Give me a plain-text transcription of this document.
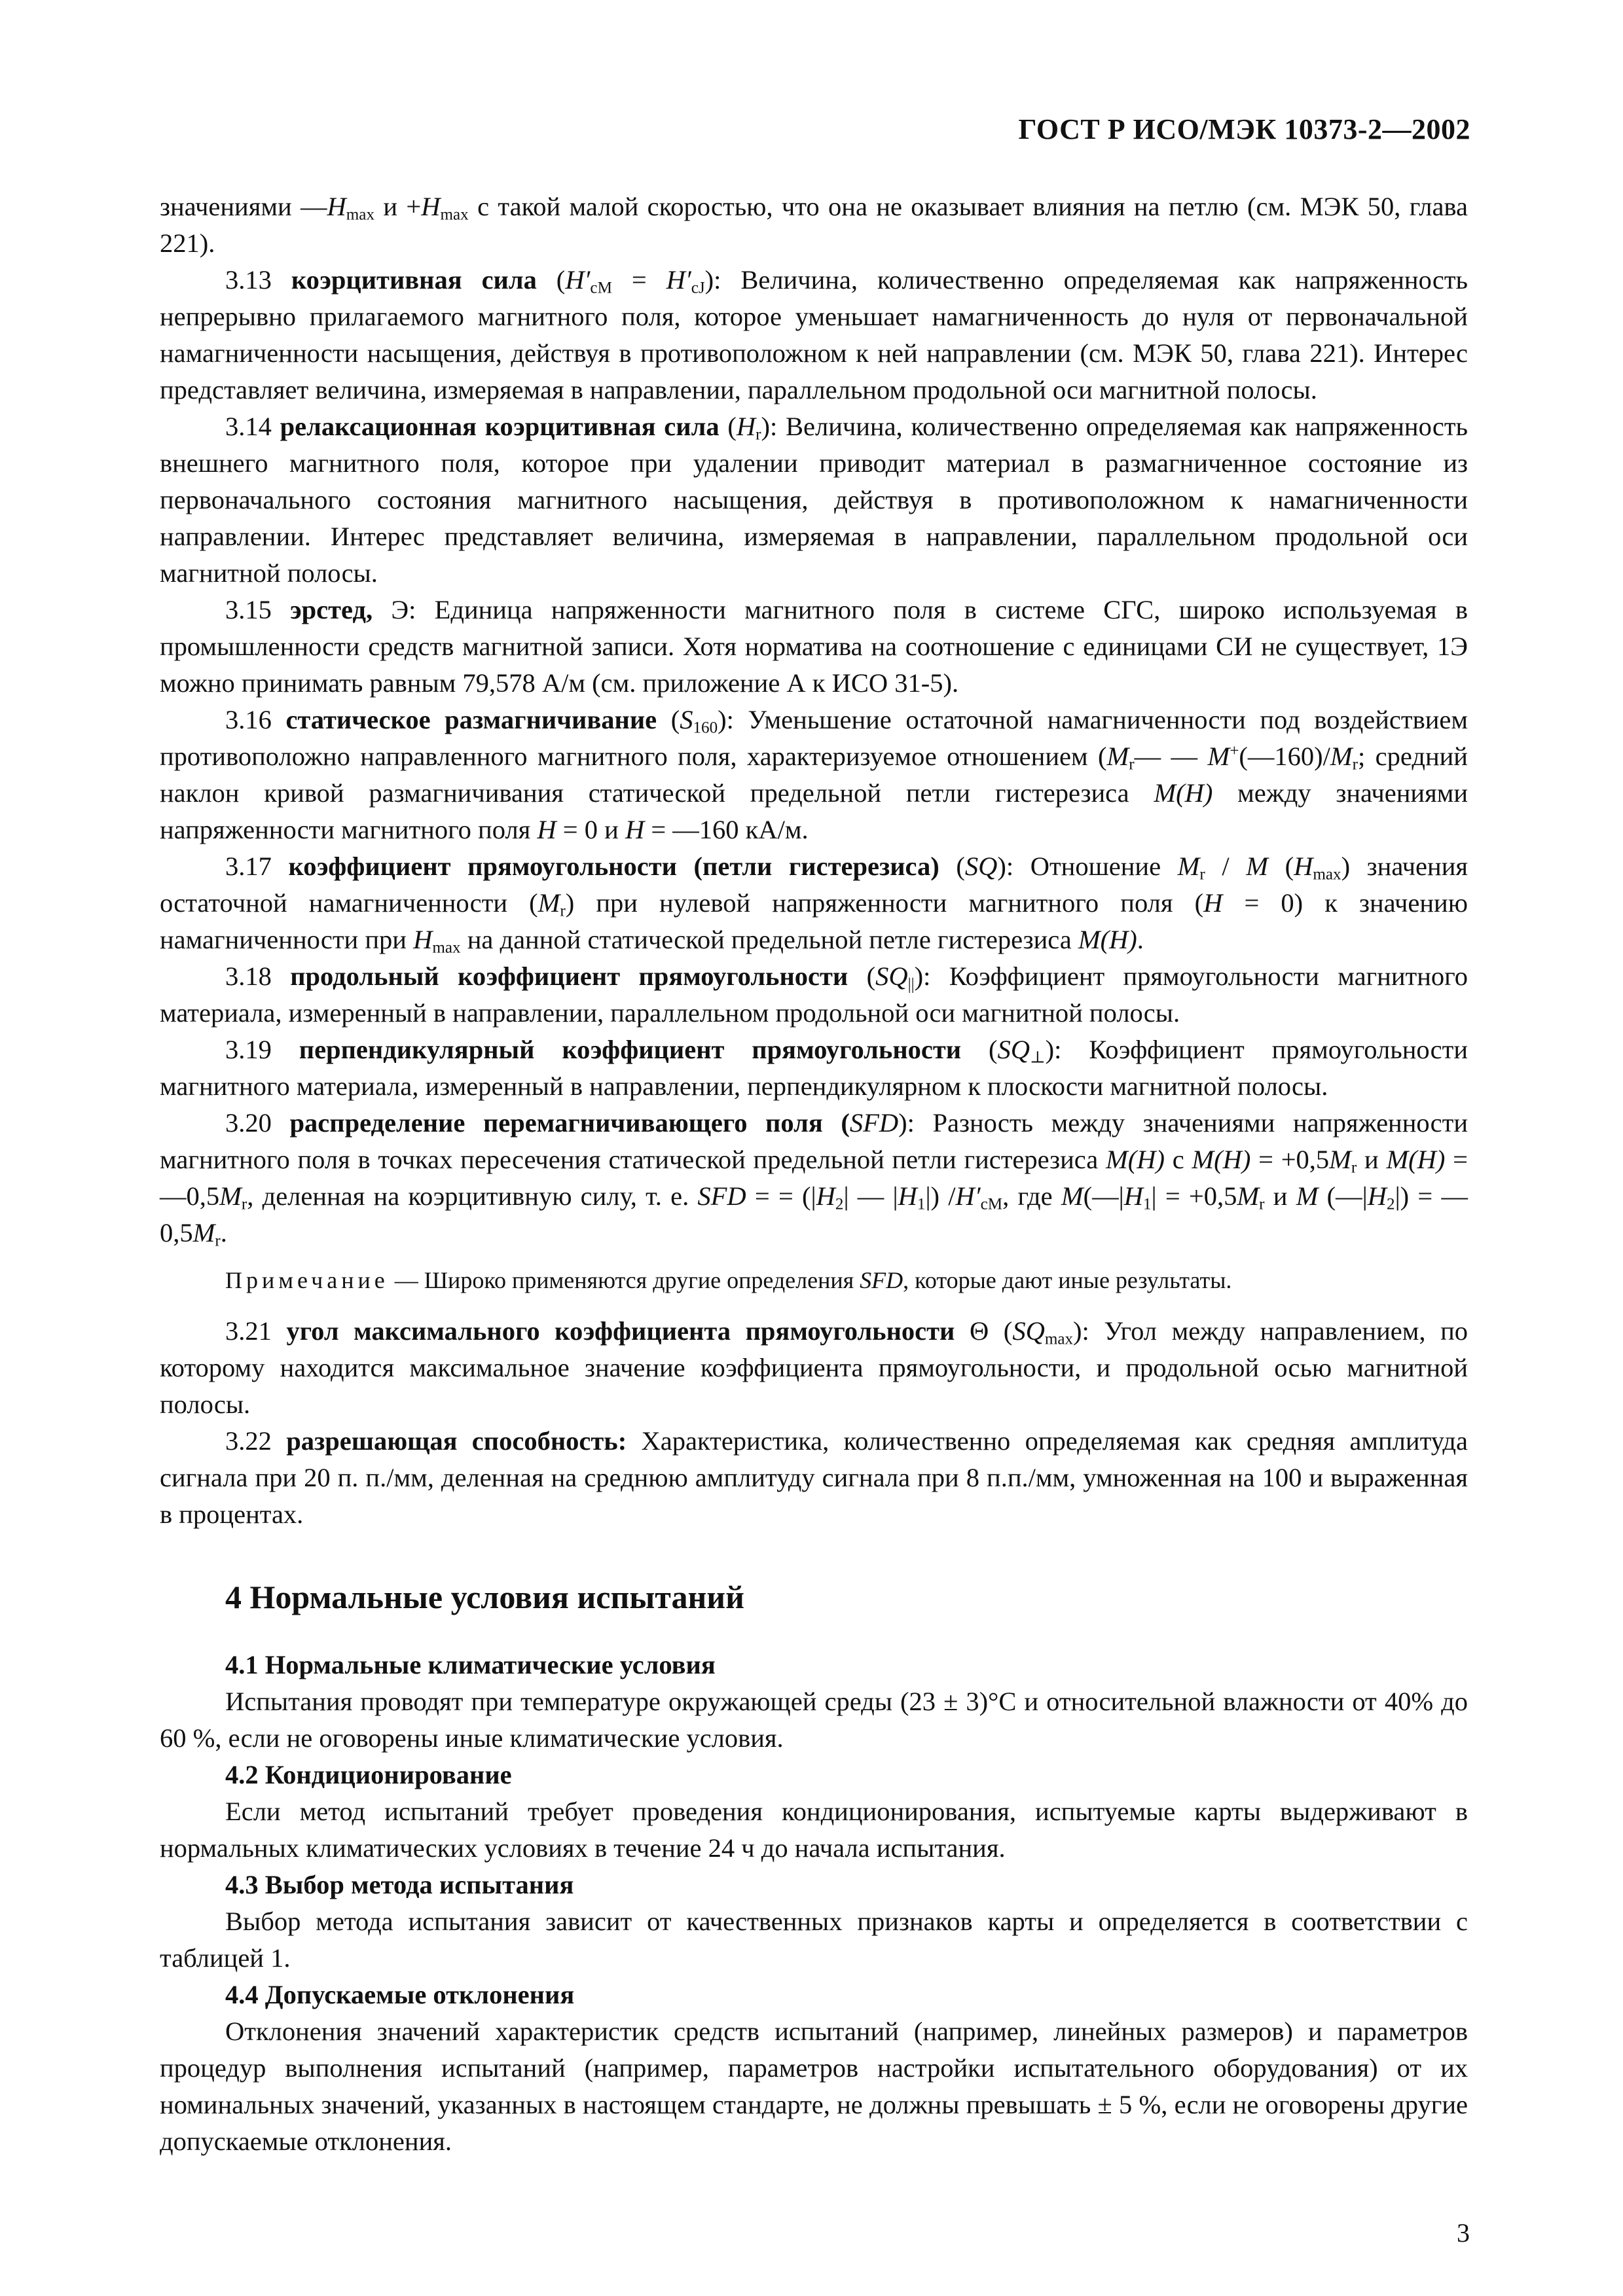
ГОСТ Р ИСО/МЭК 10373-2—2002

значениями $—H_{max}$ $и +H_{max}$ с такой малой скоростью, что она не оказывает влияния на петлю (см. МЭК 50, глава 221).

3.13 коэрцитивная сила $(H'_{cM} = H'_{cJ})$: Величина, количественно определяемая как напряженность непрерывно прилагаемого магнитного поля, которое уменьшает намагниченность до нуля от первоначальной намагниченности насыщения, действуя в противоположном к ней направлении (см. МЭК 50, глава 221). Интерес представляет величина, измеряемая в направлении, параллельном продольной оси магнитной полосы.

3.14 релаксационная коэрцитивная сила $(H_r)$: Величина, количественно определяемая как напряженность внешнего магнитного поля, которое при удалении приводит материал в размагниченное состояние из первоначального состояния магнитного насыщения, действуя в противоположном к намагниченности направлении. Интерес представляет величина, измеряемая в направлении, параллельном продольной оси магнитной полосы.

3.15 эрстед, Э: Единица напряженности магнитного поля в системе СГС, широко используемая в промышленности средств магнитной записи. Хотя норматива на соотношение с единицами СИ не существует, 1Э можно принимать равным 79,578 А/м (см. приложение А к ИСО 31-5).

3.16 статическое размагничивание $(S_{160})$: Уменьшение остаточной намагниченности под воздействием противоположно направленного магнитного поля, характеризуемое отношением ($M_r—$ — $M^+(—160)/M_r$; средний наклон кривой размагничивания статической предельной петли гистерезиса M(H) между значениями напряженности магнитного поля H = 0 и H = —160 кА/м.

3.17 коэффициент прямоугольности (петли гистерезиса) (SQ): Отношение $M_r$ / M $(H_{max})$ значения остаточной намагниченности $(M_r)$ при нулевой напряженности магнитного поля (H = 0) к значению намагниченности при $H_{max}$ на данной статической предельной петле гистерезиса M(H).

3.18 продольный коэффициент прямоугольности $(SQ_{||})$: Коэффициент прямоугольности магнитного материала, измеренный в направлении, параллельном продольной оси магнитной полосы.

3.19 перпендикулярный коэффициент прямоугольности $(SQ_\perp)$: Коэффициент прямоугольности магнитного материала, измеренный в направлении, перпендикулярном к плоскости магнитной полосы.

3.20 распределение перемагничивающего поля (SFD): Разность между значениями напряженности магнитного поля в точках пересечения статической предельной петли гистерезиса M(H) с $M(H) = +0,5M_r$ и $M(H) = —0,5M_r$, деленная на коэрцитивную силу, т. е. SFD = = ($|H_2|$ — $|H_1|$) $/H'_{cM}$, где $M(—|H_1| = +0,5M_r$ и M $(—|H_2|)$ = $—0,5M_r$.

Примечание — Широко применяются другие определения SFD, которые дают иные результаты.

3.21 угол максимального коэффициента прямоугольности Θ $(SQ_{max})$: Угол между направлением, по которому находится максимальное значение коэффициента прямоугольности, и продольной осью магнитной полосы.

3.22 разрешающая способность: Характеристика, количественно определяемая как средняя амплитуда сигнала при 20 п. п./мм, деленная на среднюю амплитуду сигнала при 8 п.п./мм, умноженная на 100 и выраженная в процентах.

4 Нормальные условия испытаний

4.1 Нормальные климатические условия

Испытания проводят при температуре окружающей среды (23 ± 3)°С и относительной влажности от 40% до 60 %, если не оговорены иные климатические условия.

4.2 Кондиционирование

Если метод испытаний требует проведения кондиционирования, испытуемые карты выдерживают в нормальных климатических условиях в течение 24 ч до начала испытания.

4.3 Выбор метода испытания

Выбор метода испытания зависит от качественных признаков карты и определяется в соответствии с таблицей 1.

4.4 Допускаемые отклонения

Отклонения значений характеристик средств испытаний (например, линейных размеров) и параметров процедур выполнения испытаний (например, параметров настройки испытательного оборудования) от их номинальных значений, указанных в настоящем стандарте, не должны превышать ± 5 %, если не оговорены другие допускаемые отклонения.

3
